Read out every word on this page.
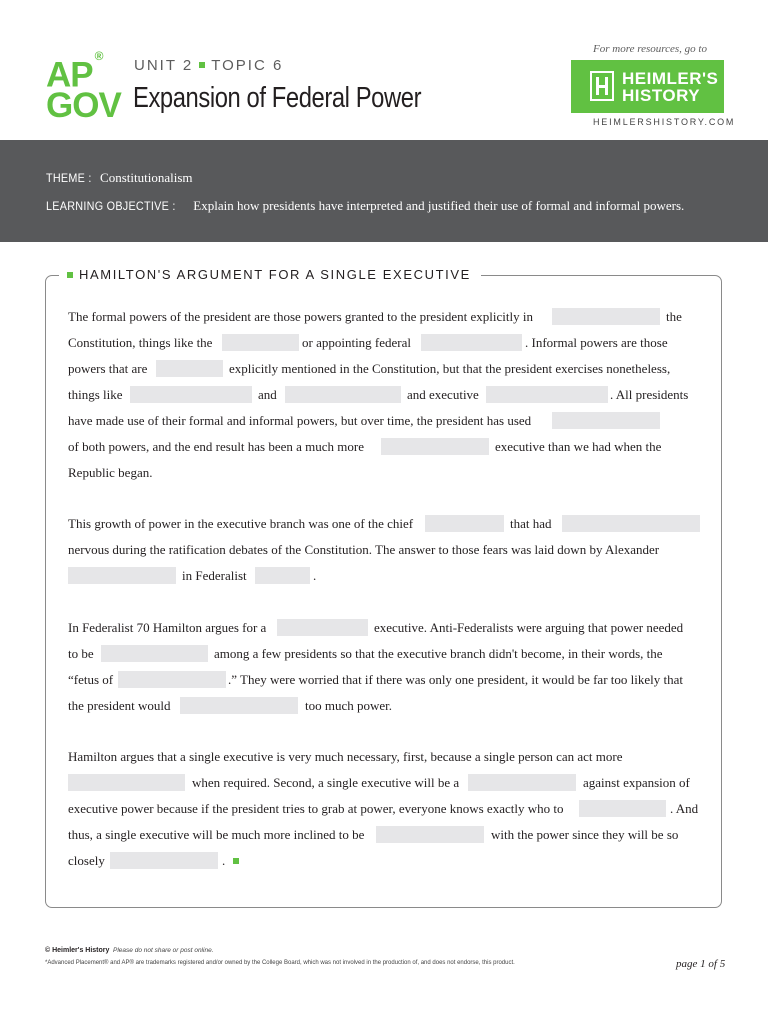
AP ®
GOV
UNIT 2 TOPIC 6
Expansion of Federal Power
For more resources, go to
HEIMLER'S
HISTORY
HEIMLERSHISTORY.COM
THEME : Constitutionalism
LEARNING OBJECTIVE : Explain how presidents have interpreted and justified their use of formal and informal powers.
HAMILTON'S ARGUMENT FOR A SINGLE EXECUTIVE
The formal powers of the president are those powers granted to the president explicitly in	the
Constitution, things like the	or appointing federal	. Informal powers are those
powers that are	explicitly mentioned in the Constitution, but that the president exercises nonetheless,
things like	and	and executive	. All presidents
have made use of their formal and informal powers, but over time, the president has used
of both powers, and the end result has been a much more	executive than we had when the
Republic began.
This growth of power in the executive branch was one of the chief	that had
nervous during the ratification debates of the Constitution. The answer to those fears was laid down by Alexander
in Federalist	.
In Federalist 70 Hamilton argues for a	executive. Anti-Federalists were arguing that power needed
to be	among a few presidents so that the executive branch didn't become, in their words, the
“fetus of	.” They were worried that if there was only one president, it would be far too likely that
the president would	too much power.
Hamilton argues that a single executive is very much necessary, first, because a single person can act more
when required. Second, a single executive will be a	against expansion of
executive power because if the president tries to grab at power, everyone knows exactly who to	. And
thus, a single executive will be much more inclined to be	with the power since they will be so
closely	.
© Heimler's History Please do not share or post online.
*Advanced Placement® and AP® are trademarks registered and/or owned by the College Board, which was not involved in the production of, and does not endorse, this product.	page 1 of 5
